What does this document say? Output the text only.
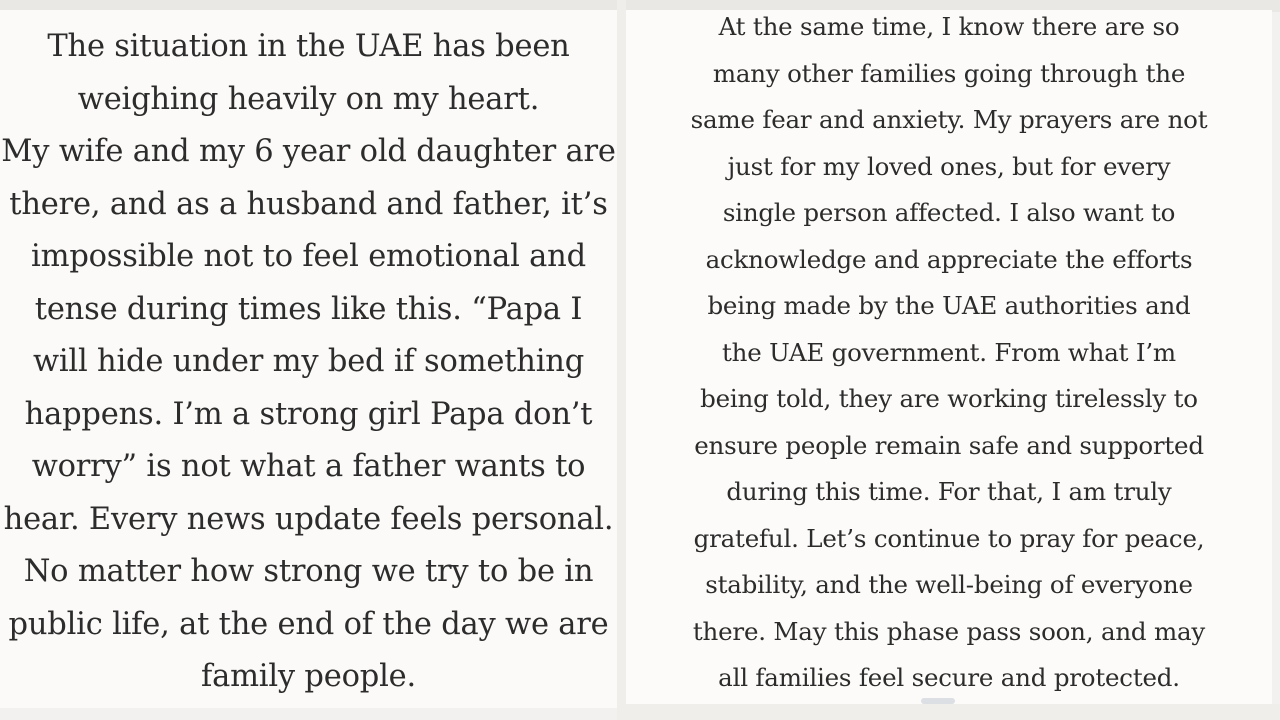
The situation in the UAE has been
weighing heavily on my heart.
My wife and my 6 year old daughter are
there, and as a husband and father, it’s
impossible not to feel emotional and
tense during times like this. “Papa I
will hide under my bed if something
happens. I’m a strong girl Papa don’t
worry” is not what a father wants to
hear. Every news update feels personal.
No matter how strong we try to be in
public life, at the end of the day we are
family people.

At the same time, I know there are so
many other families going through the
same fear and anxiety. My prayers are not
just for my loved ones, but for every
single person affected. I also want to
acknowledge and appreciate the efforts
being made by the UAE authorities and
the UAE government. From what I’m
being told, they are working tirelessly to
ensure people remain safe and supported
during this time. For that, I am truly
grateful. Let’s continue to pray for peace,
stability, and the well-being of everyone
there. May this phase pass soon, and may
all families feel secure and protected.
